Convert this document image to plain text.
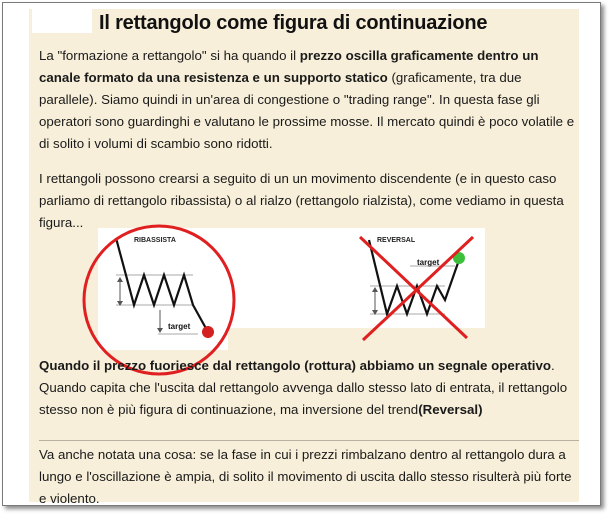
Il rettangolo come figura di continuazione

La "formazione a rettangolo" si ha quando il prezzo oscilla graficamente dentro un canale formato da una resistenza e un supporto statico (graficamente, tra due parallele). Siamo quindi in un'area di congestione o "trading range". In questa fase gli operatori sono guardinghi e valutano le prossime mosse. Il mercato quindi è poco volatile e di solito i volumi di scambio sono ridotti.

I rettangoli possono crearsi a seguito di un un movimento discendente (e in questo caso parliamo di rettangolo ribassista) o al rialzo (rettangolo rialzista), come vediamo in questa figura...

RIBASSISTA
target
REVERSAL
target

Quando il prezzo fuoriesce dal rettangolo (rottura) abbiamo un segnale operativo.
Quando capita che l'uscita dal rettangolo avvenga dallo stesso lato di entrata, il rettangolo stesso non è più figura di continuazione, ma inversione del trend(Reversal)

Va anche notata una cosa: se la fase in cui i prezzi rimbalzano dentro al rettangolo dura a lungo e l'oscillazione è ampia, di solito il movimento di uscita dallo stesso risulterà più forte e violento.
